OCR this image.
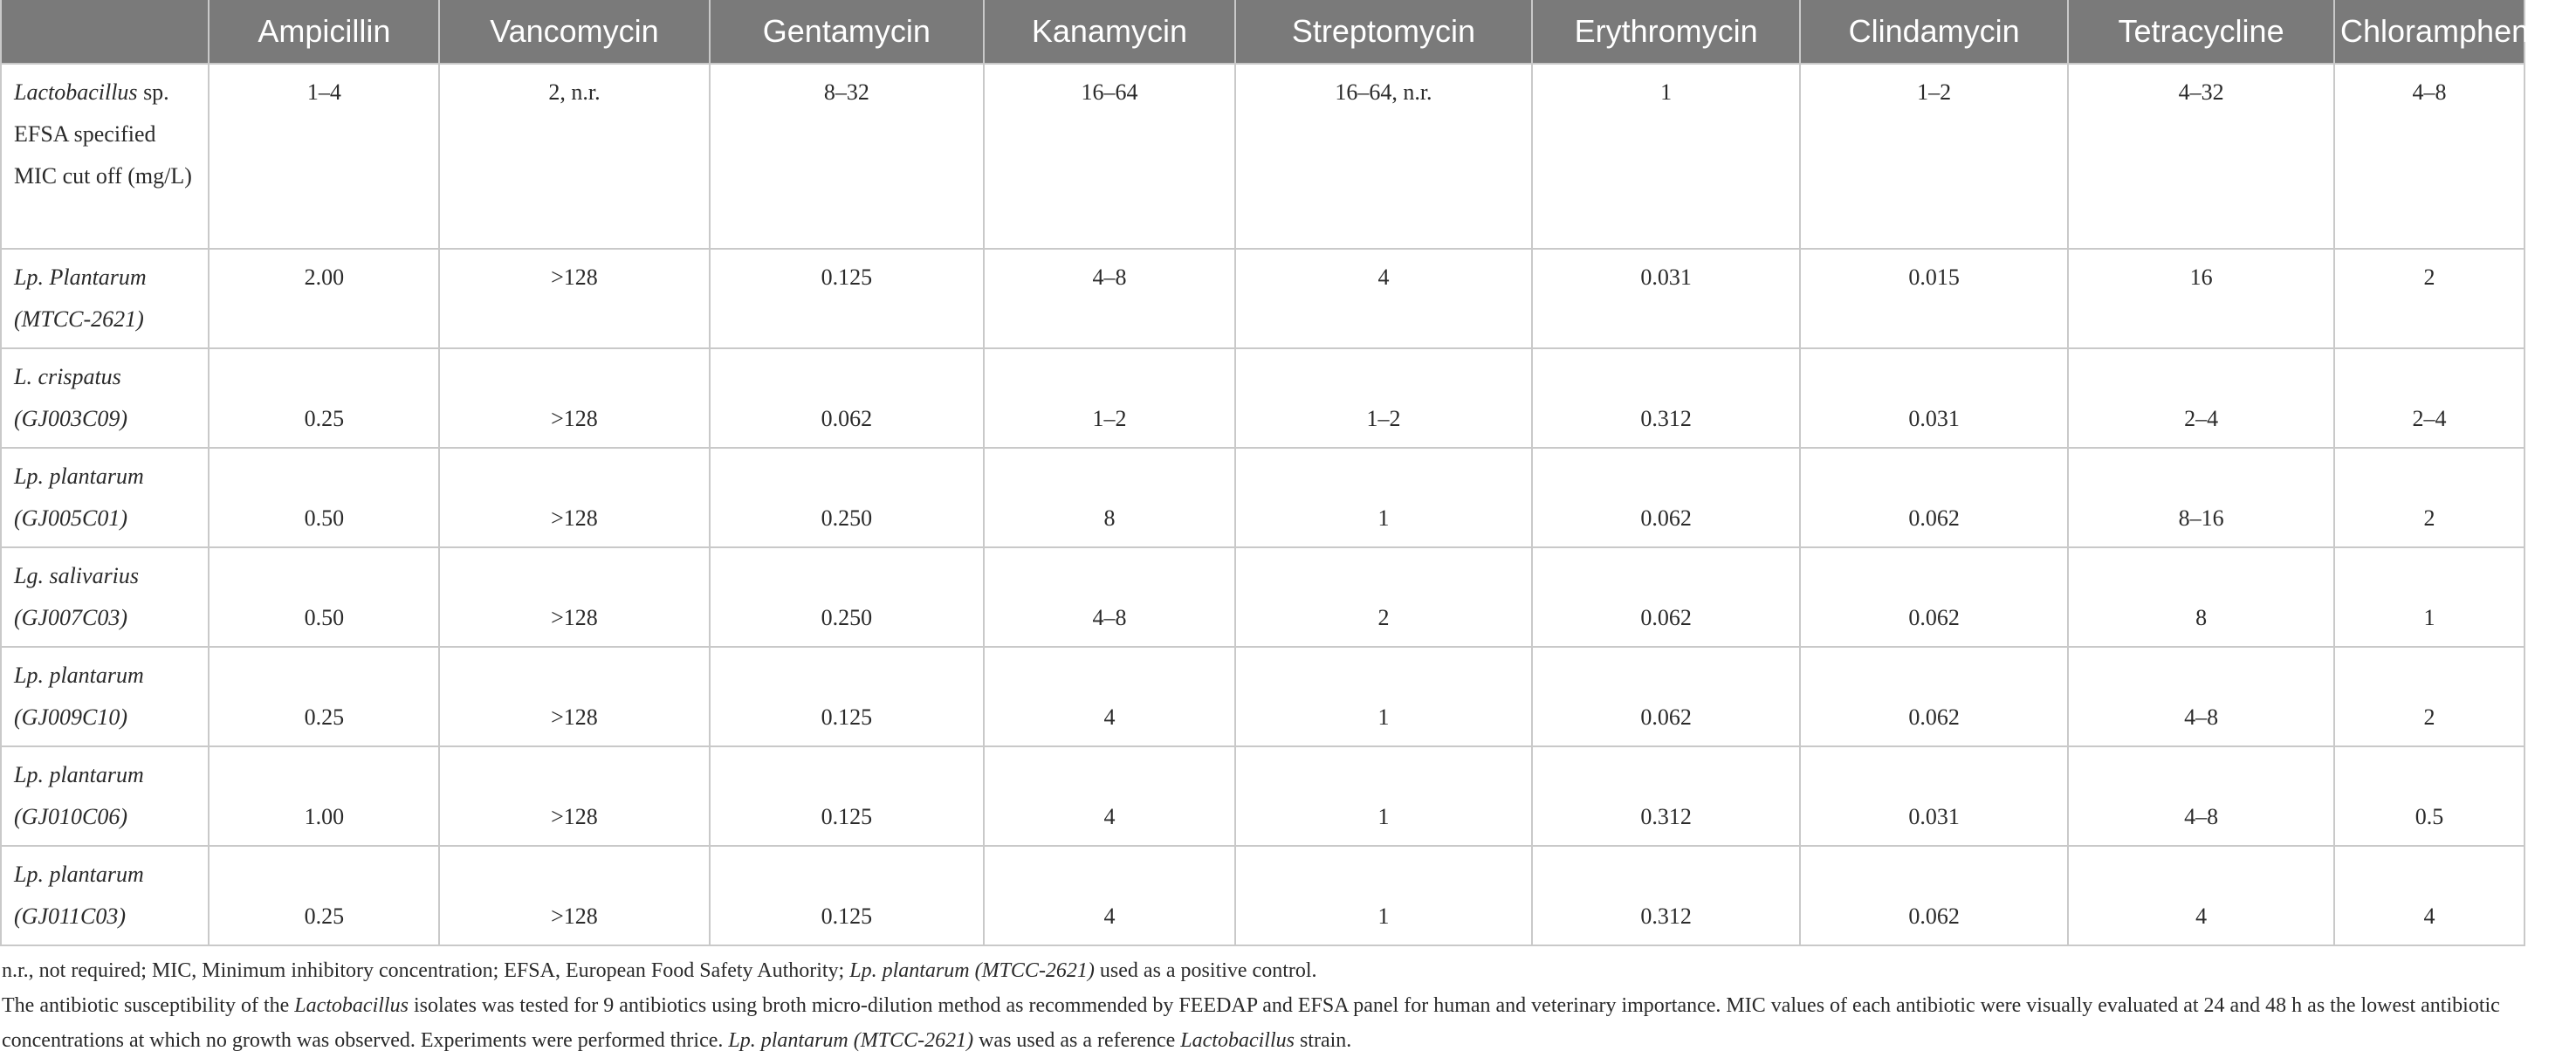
	Ampicillin	Vancomycin	Gentamycin	Kanamycin	Streptomycin	Erythromycin	Clindamycin	Tetracycline	Chloramphenicol
Lactobacillus sp. EFSA specified MIC cut off (mg/L)	1–4	2, n.r.	8–32	16–64	16–64, n.r.	1	1–2	4–32	4–8
Lp. Plantarum (MTCC-2621)	2.00	>128	0.125	4–8	4	0.031	0.015	16	2
L. crispatus (GJ003C09)	0.25	>128	0.062	1–2	1–2	0.312	0.031	2–4	2–4
Lp. plantarum (GJ005C01)	0.50	>128	0.250	8	1	0.062	0.062	8–16	2
Lg. salivarius (GJ007C03)	0.50	>128	0.250	4–8	2	0.062	0.062	8	1
Lp. plantarum (GJ009C10)	0.25	>128	0.125	4	1	0.062	0.062	4–8	2
Lp. plantarum (GJ010C06)	1.00	>128	0.125	4	1	0.312	0.031	4–8	0.5
Lp. plantarum (GJ011C03)	0.25	>128	0.125	4	1	0.312	0.062	4	4

n.r., not required; MIC, Minimum inhibitory concentration; EFSA, European Food Safety Authority; Lp. plantarum (MTCC-2621) used as a positive control.

The antibiotic susceptibility of the Lactobacillus isolates was tested for 9 antibiotics using broth micro-dilution method as recommended by FEEDAP and EFSA panel for human and veterinary importance. MIC values of each antibiotic were visually evaluated at 24 and 48 h as the lowest antibiotic concentrations at which no growth was observed. Experiments were performed thrice. Lp. plantarum (MTCC-2621) was used as a reference Lactobacillus strain.
